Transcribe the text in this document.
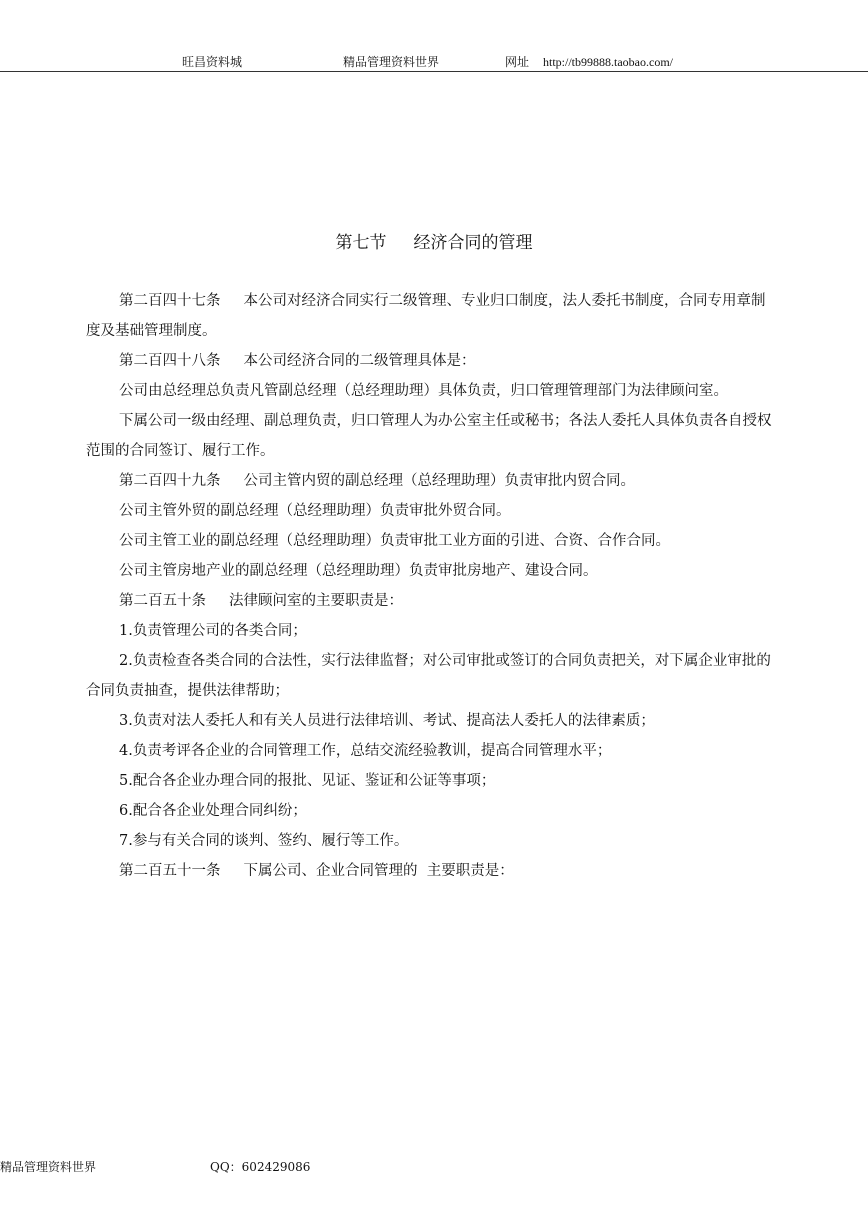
旺昌资料城	精品管理资料世界	网址 http://tb99888.taobao.com/
第七节     经济合同的管理

第二百四十七条     本公司对经济合同实行二级管理、专业归口制度，法人委托书制度，合同专用章制度及基础管理制度。

第二百四十八条     本公司经济合同的二级管理具体是：

公司由总经理总负责凡管副总经理（总经理助理）具体负责，归口管理管理部门为法律顾问室。

下属公司一级由经理、副总理负责，归口管理人为办公室主任或秘书；各法人委托人具体负责各自授权范围的合同签订、履行工作。

第二百四十九条     公司主管内贸的副总经理（总经理助理）负责审批内贸合同。

公司主管外贸的副总经理（总经理助理）负责审批外贸合同。

公司主管工业的副总经理（总经理助理）负责审批工业方面的引进、合资、合作合同。

公司主管房地产业的副总经理（总经理助理）负责审批房地产、建设合同。

第二百五十条     法律顾问室的主要职责是：

1.负责管理公司的各类合同；

2.负责检查各类合同的合法性，实行法律监督；对公司审批或签订的合同负责把关，对下属企业审批的合同负责抽查，提供法律帮助；

3.负责对法人委托人和有关人员进行法律培训、考试、提高法人委托人的法律素质；

4.负责考评各企业的合同管理工作，总结交流经验教训，提高合同管理水平；

5.配合各企业办理合同的报批、见证、鉴证和公证等事项；

6.配合各企业处理合同纠纷；

7.参与有关合同的谈判、签约、履行等工作。

第二百五十一条     下属公司、企业合同管理的  主要职责是：

精品管理资料世界	QQ：602429086
